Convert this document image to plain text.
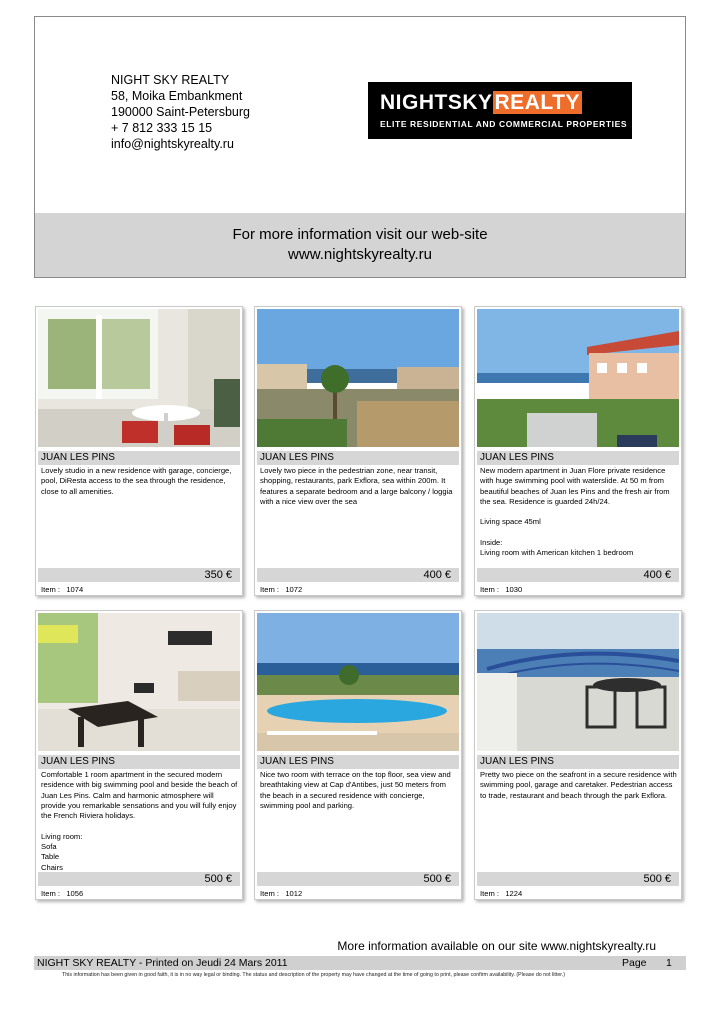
NIGHT SKY REALTY
58, Moika Embankment
190000 Saint-Petersburg
+ 7 812 333 15 15
info@nightskyrealty.ru
NIGHTSKYREALTY
ELITE RESIDENTIAL AND COMMERCIAL PROPERTIES
For more information visit our web-site
www.nightskyrealty.ru
JUAN LES PINS
Lovely studio in a new residence with garage, concierge, pool, DiResta access to the sea through the residence, close to all amenities.
350 €
Item :   1074
JUAN LES PINS
Lovely two piece in the pedestrian zone, near transit, shopping, restaurants, park Exflora, sea within 200m. It features a separate bedroom and a large balcony / loggia with a nice view over the sea
400 €
Item :   1072
JUAN LES PINS
New modern apartment in Juan Flore private residence with huge swimming pool with waterslide. At 50 m from beautiful beaches of Juan les Pins and the fresh air from the sea. Residence is guarded 24h/24.

Living space 45ml

Inside:
Living room with American kitchen 1 bedroom
400 €
Item :   1030
JUAN LES PINS
Comfortable 1 room apartment in the secured modern residence with big swimming pool and beside the beach of Juan Les Pins. Calm and harmonic atmosphere will provide you remarkable sensations and you will fully enjoy the French Riviera holidays.

Living room:
Sofa
Table
Chairs
500 €
Item :   1056
JUAN LES PINS
Nice two room with terrace on the top floor, sea view and breathtaking view at Cap d'Antibes, just 50 meters from the beach in a secured residence with concierge, swimming pool and parking.
500 €
Item :   1012
JUAN LES PINS
Pretty two piece on the seafront in a secure residence with swimming pool, garage and caretaker. Pedestrian access to trade, restaurant and beach through the park Exflora.
500 €
Item :   1224
More information available on our site www.nightskyrealty.ru
NIGHT SKY REALTY - Printed on Jeudi 24 Mars 2011	Page 1
This information has been given in good faith, it is in no way legal or binding. The status and description of the property may have changed at the time of going to print, please confirm availability. (Please do not litter.)
